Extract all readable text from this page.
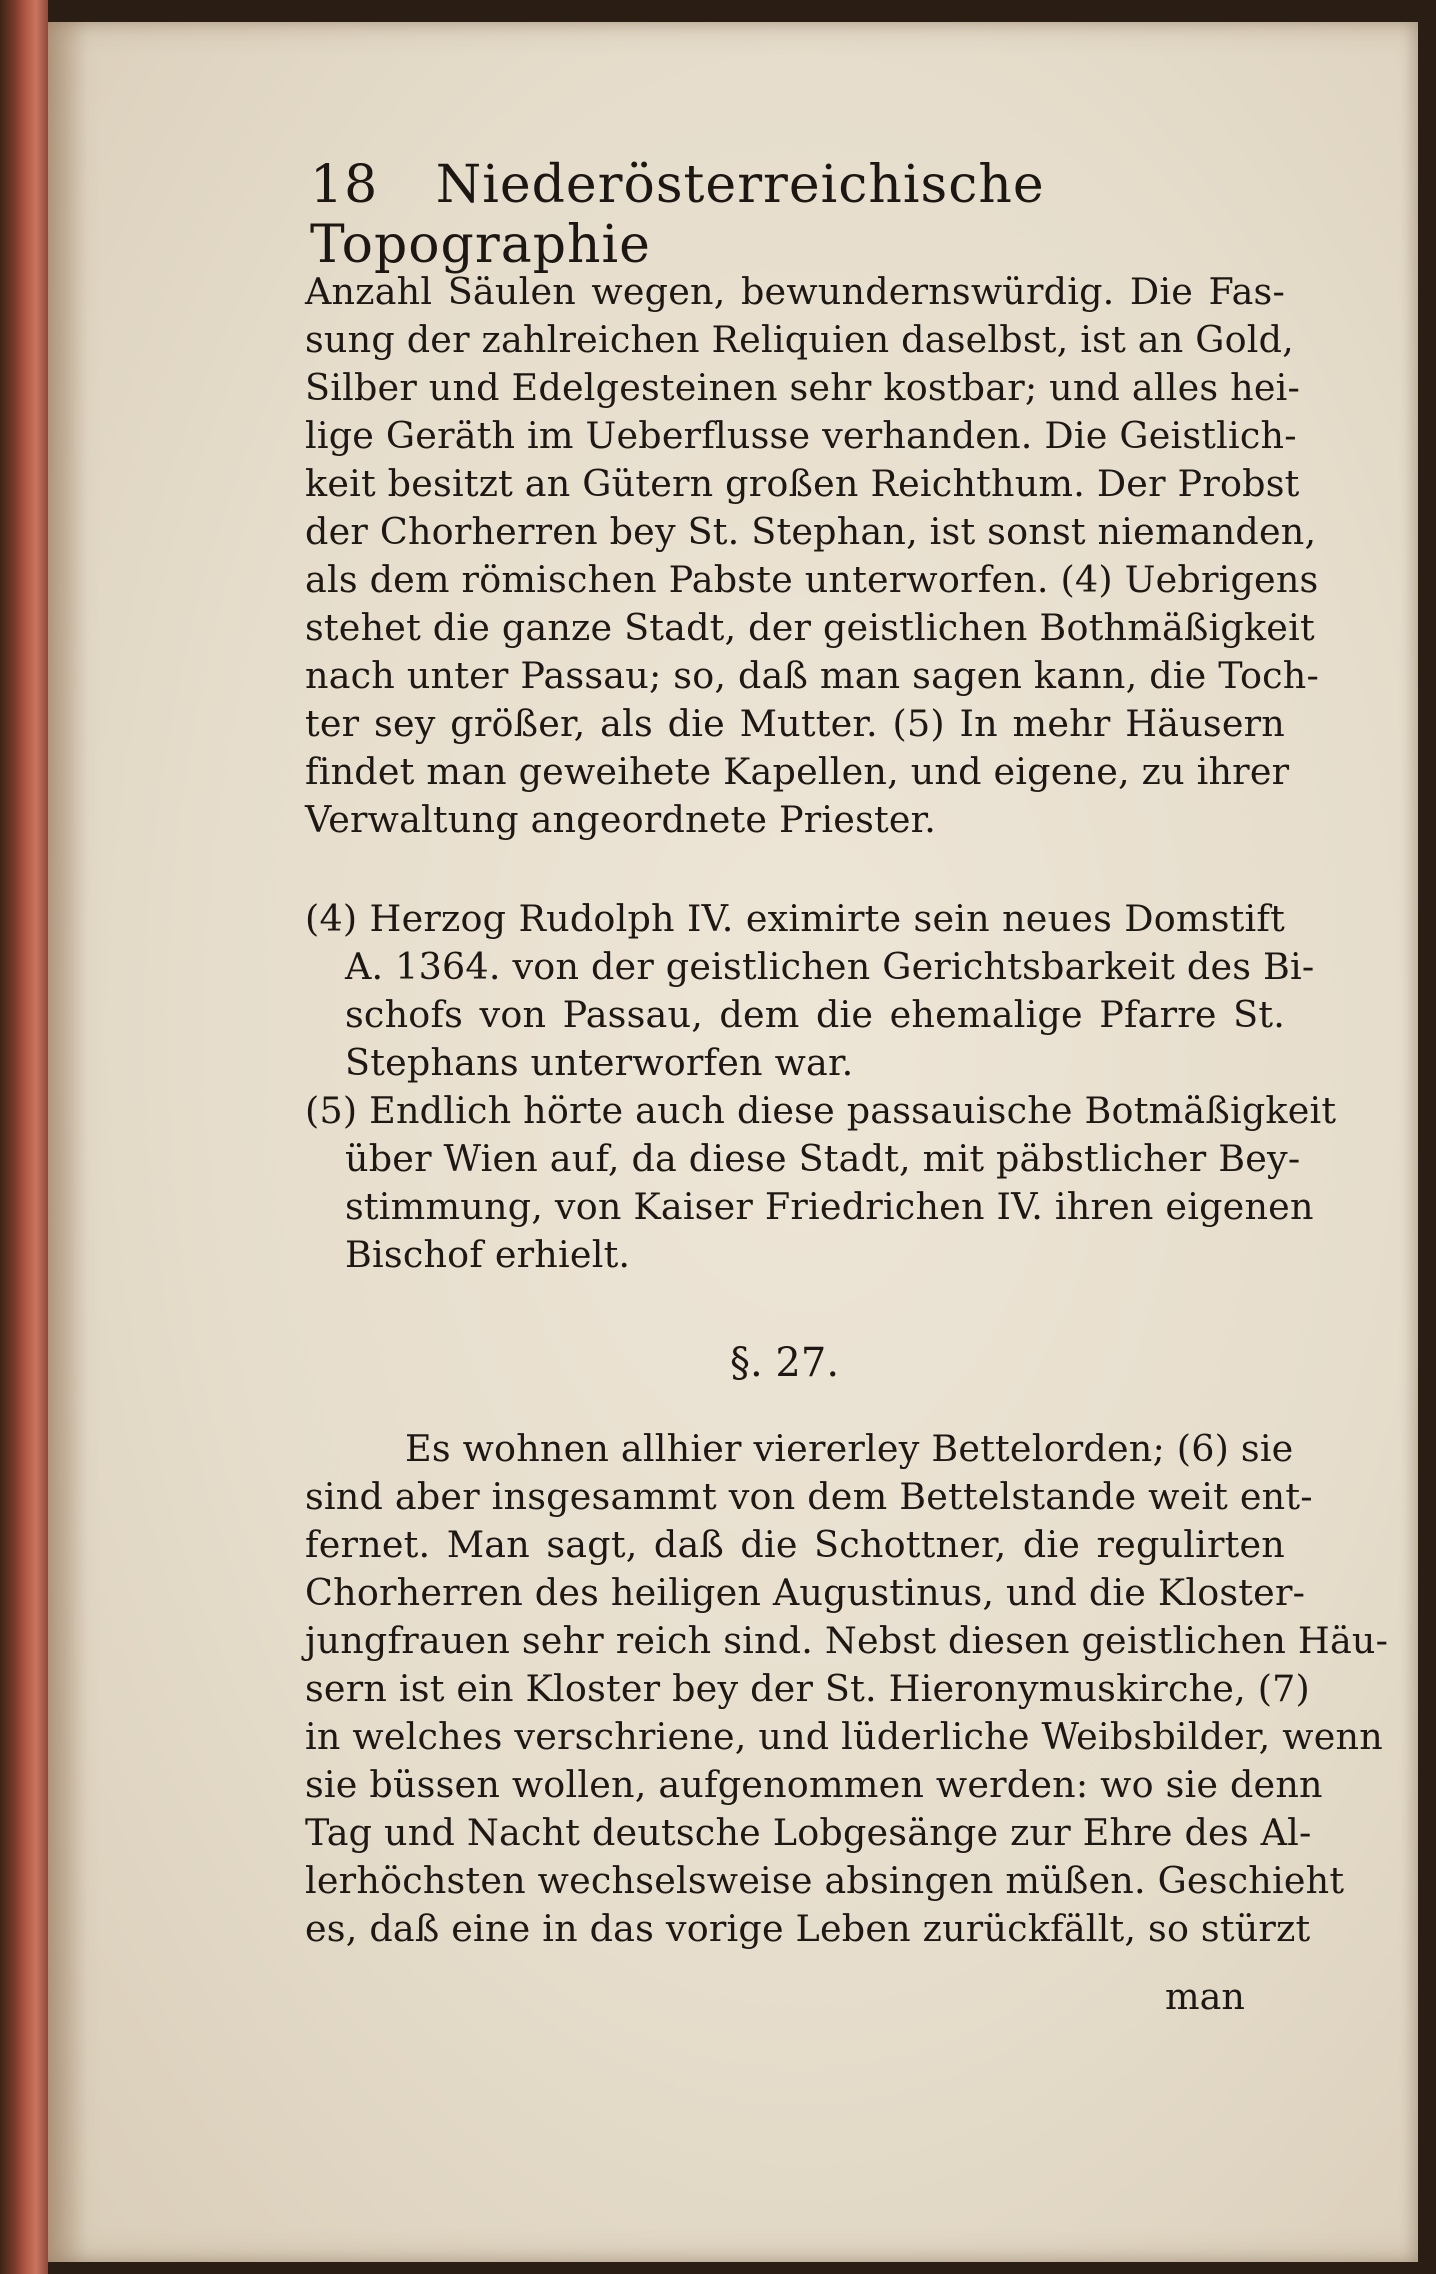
18 Niederösterreichische Topographie
Anzahl Säulen wegen, bewundernswürdig. Die Fas-
sung der zahlreichen Reliquien daselbst, ist an Gold,
Silber und Edelgesteinen sehr kostbar; und alles hei-
lige Geräth im Ueberflusse verhanden. Die Geistlich-
keit besitzt an Gütern großen Reichthum. Der Probst
der Chorherren bey St. Stephan, ist sonst niemanden,
als dem römischen Pabste unterworfen. (4) Uebrigens
stehet die ganze Stadt, der geistlichen Bothmäßigkeit
nach unter Passau; so, daß man sagen kann, die Toch-
ter sey größer, als die Mutter. (5) In mehr Häusern
findet man geweihete Kapellen, und eigene, zu ihrer
Verwaltung angeordnete Priester.
(4) Herzog Rudolph IV. eximirte sein neues Domstift
A. 1364. von der geistlichen Gerichtsbarkeit des Bi-
schofs von Passau, dem die ehemalige Pfarre St.
Stephans unterworfen war.
(5) Endlich hörte auch diese passauische Botmäßigkeit
über Wien auf, da diese Stadt, mit päbstlicher Bey-
stimmung, von Kaiser Friedrichen IV. ihren eigenen
Bischof erhielt.
§. 27.
Es wohnen allhier viererley Bettelorden; (6) sie
sind aber insgesammt von dem Bettelstande weit ent-
fernet. Man sagt, daß die Schottner, die regulirten
Chorherren des heiligen Augustinus, und die Kloster-
jungfrauen sehr reich sind. Nebst diesen geistlichen Häu-
sern ist ein Kloster bey der St. Hieronymuskirche, (7)
in welches verschriene, und lüderliche Weibsbilder, wenn
sie büssen wollen, aufgenommen werden: wo sie denn
Tag und Nacht deutsche Lobgesänge zur Ehre des Al-
lerhöchsten wechselsweise absingen müßen. Geschieht
es, daß eine in das vorige Leben zurückfällt, so stürzt
man
